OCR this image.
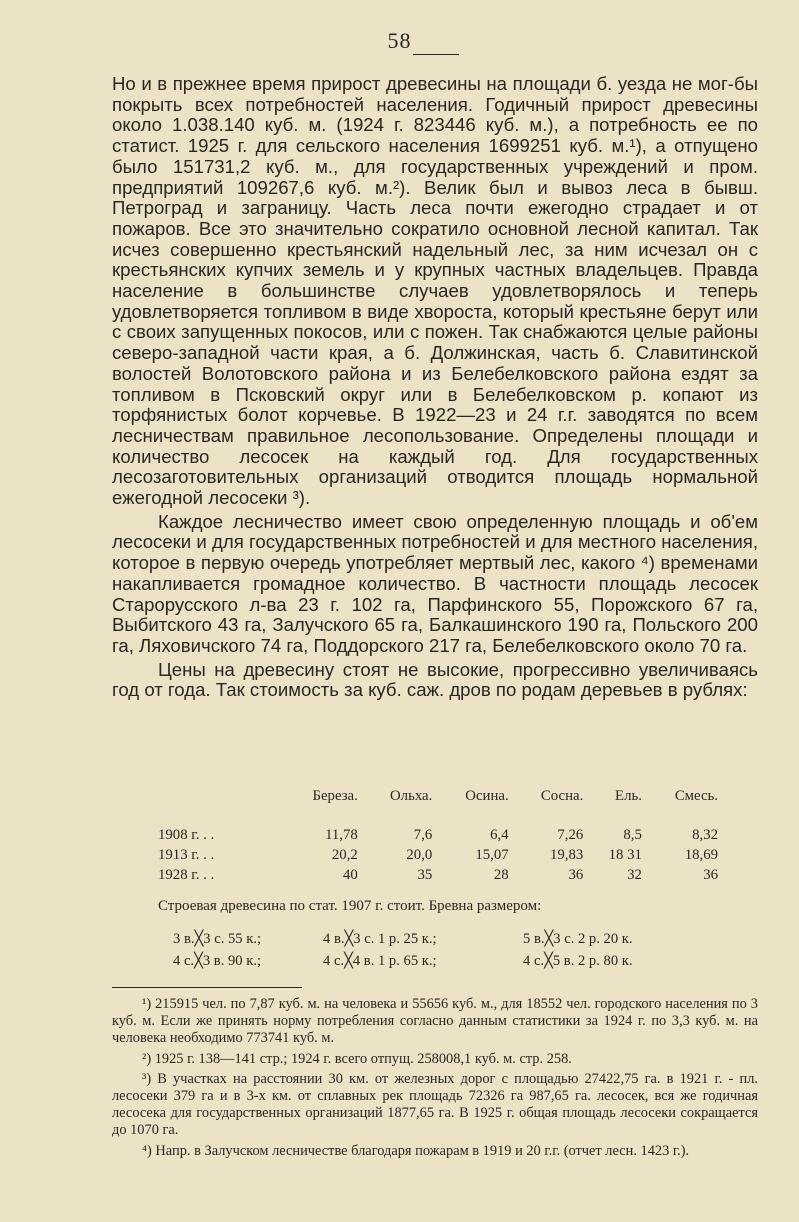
58

Но и в прежнее время прирост древесины на площади б. уезда не мог-бы покрыть всех потребностей населения. Годичный прирост древесины около 1.038.140 куб. м. (1924 г. 823446 куб. м.), а потребность ее по статист. 1925 г. для сельского населения 1699251 куб. м.¹), а отпущено было 151731,2 куб. м., для государственных учреждений и пром. предприятий 109267,6 куб. м.²). Велик был и вывоз леса в бывш. Петроград и заграницу. Часть леса почти ежегодно страдает и от пожаров. Все это значительно сократило основной лесной капитал. Так исчез совершенно крестьянский надельный лес, за ним исчезал он с крестьянских купчих земель и у крупных частных владельцев. Правда население в большинстве случаев удовлетворялось и теперь удовлетворяется топливом в виде хвороста, который крестьяне берут или с своих запущенных покосов, или с пожен. Так снабжаются целые районы северо-западной части края, а б. Должинская, часть б. Славитинской волостей Волотовского района и из Белебелковского района ездят за топливом в Псковский округ или в Белебелковском р. копают из торфянистых болот корчевье. В 1922—23 и 24 г.г. заводятся по всем лесничествам правильное лесопользование. Определены площади и количество лесосек на каждый год. Для государственных лесозаготовительных организаций отводится площадь нормальной ежегодной лесосеки ³).

Каждое лесничество имеет свою определенную площадь и об'ем лесосеки и для государственных потребностей и для местного населения, которое в первую очередь употребляет мертвый лес, какого ⁴) временами накапливается громадное количество. В частности площадь лесосек Старорусского л-ва 23 г. 102 га, Парфинского 55, Порожского 67 га, Выбитского 43 га, Залучского 65 га, Балкашинского 190 га, Польского 200 га, Ляховичского 74 га, Поддорского 217 га, Белебелковского около 70 га.

Цены на древесину стоят не высокие, прогрессивно увеличиваясь год от года. Так стоимость за куб. саж. дров по родам деревьев в рублях:

	Береза.	Ольха.	Осина.	Сосна.	Ель.	Смесь.
1908 г. . .	11,78	7,6	6,4	7,26	8,5	8,32
1913 г. . .	20,2	20,0	15,07	19,83	18 31	18,69
1928 г. . .	40	35	28	36	32	36
Строевая древесина по стат. 1907 г. стоит. Бревна размером:
3 в.╳3 с. 55 к.;	4 в.╳3 с. 1 р. 25 к.;	5 в.╳3 с. 2 р. 20 к.
4 с.╳3 в. 90 к.;	4 с.╳4 в. 1 р. 65 к.;	4 с.╳5 в. 2 р. 80 к.

¹) 215915 чел. по 7,87 куб. м. на человека и 55656 куб. м., для 18552 чел. городского населения по 3 куб. м. Если же принять норму потребления согласно данным статистики за 1924 г. по 3,3 куб. м. на человека необходимо 773741 куб. м.

²) 1925 г. 138—141 стр.; 1924 г. всего отпущ. 258008,1 куб. м. стр. 258.

³) В участках на расстоянии 30 км. от железных дорог с площадью 27422,75 га. в 1921 г. - пл. лесосеки 379 га и в 3-х км. от сплавных рек площадь 72326 га 987,65 га. лесосек, вся же годичная лесосека для государственных организаций 1877,65 га. В 1925 г. общая площадь лесосеки сокращается до 1070 га.

⁴) Напр. в Залучском лесничестве благодаря пожарам в 1919 и 20 г.г. (отчет лесн. 1423 г.).
